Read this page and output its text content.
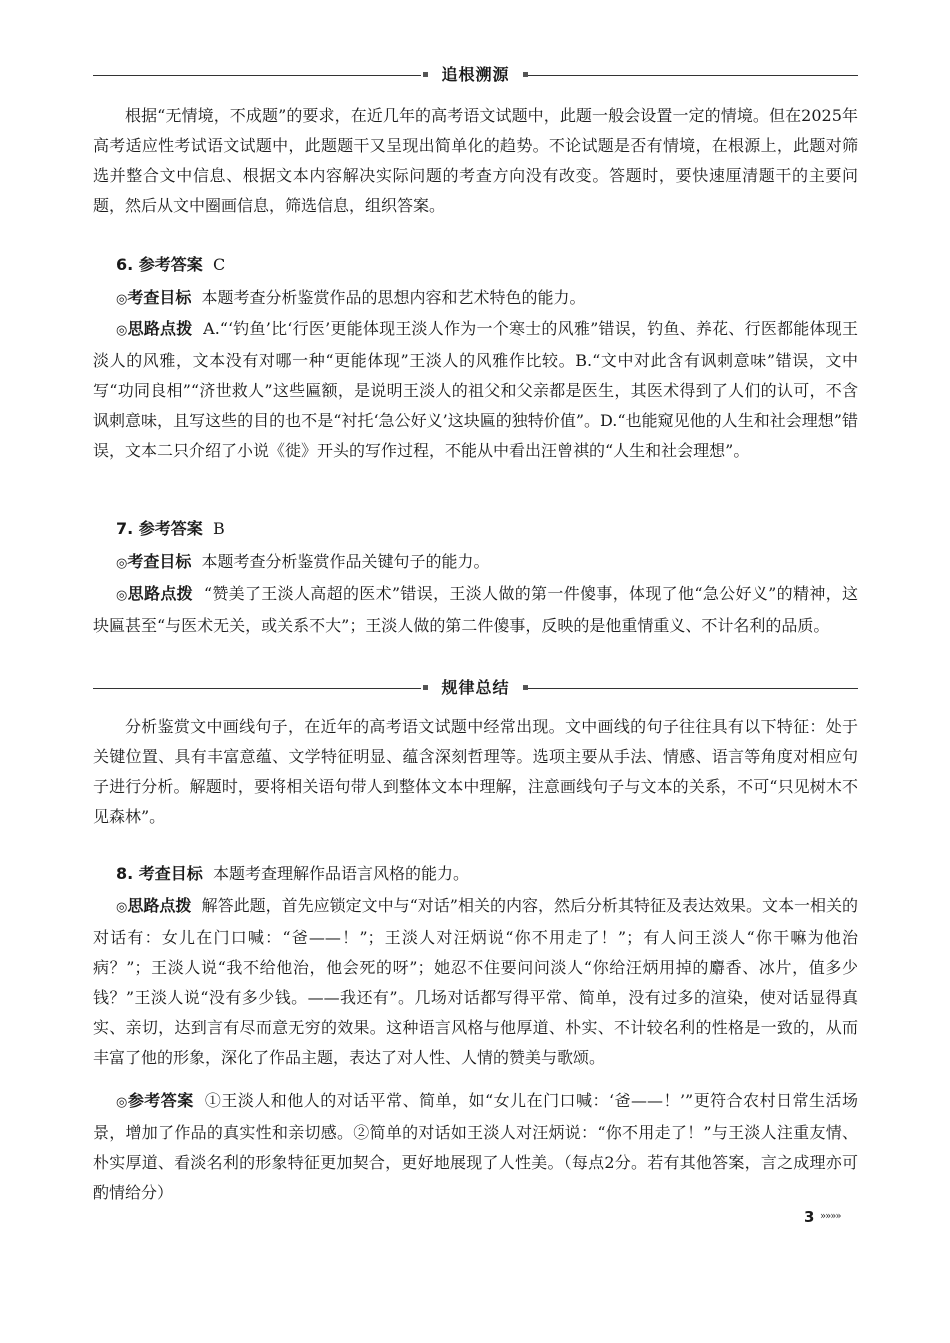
追根溯源
根据“无情境，不成题”的要求，在近几年的高考语文试题中，此题一般会设置一定的情境。但在2025年高考适应性考试语文试题中，此题题干又呈现出简单化的趋势。不论试题是否有情境，在根源上，此题对筛选并整合文中信息、根据文本内容解决实际问题的考查方向没有改变。答题时，要快速厘清题干的主要问题，然后从文中圈画信息，筛选信息，组织答案。
6. 参考答案 C
◎考查目标 本题考查分析鉴赏作品的思想内容和艺术特色的能力。
◎思路点拨 A.“‘钓鱼’比‘行医’更能体现王淡人作为一个寒士的风雅”错误，钓鱼、养花、行医都能体现王淡人的风雅，文本没有对哪一种“更能体现”王淡人的风雅作比较。B.“文中对此含有讽刺意味”错误，文中写“功同良相”“济世救人”这些匾额，是说明王淡人的祖父和父亲都是医生，其医术得到了人们的认可，不含讽刺意味，且写这些的目的也不是“衬托‘急公好义’这块匾的独特价值”。D.“也能窥见他的人生和社会理想”错误，文本二只介绍了小说《徙》开头的写作过程，不能从中看出汪曾祺的“人生和社会理想”。
7. 参考答案 B
◎考查目标 本题考查分析鉴赏作品关键句子的能力。
◎思路点拨 “赞美了王淡人高超的医术”错误，王淡人做的第一件傻事，体现了他“急公好义”的精神，这块匾甚至“与医术无关，或关系不大”；王淡人做的第二件傻事，反映的是他重情重义、不计名利的品质。
规律总结
分析鉴赏文中画线句子，在近年的高考语文试题中经常出现。文中画线的句子往往具有以下特征：处于关键位置、具有丰富意蕴、文学特征明显、蕴含深刻哲理等。选项主要从手法、情感、语言等角度对相应句子进行分析。解题时，要将相关语句带人到整体文本中理解，注意画线句子与文本的关系，不可“只见树木不见森林”。
8. 考查目标 本题考查理解作品语言风格的能力。
◎思路点拨 解答此题，首先应锁定文中与“对话”相关的内容，然后分析其特征及表达效果。文本一相关的对话有：女儿在门口喊：“爸——！”；王淡人对汪炳说“你不用走了！”；有人问王淡人“你干嘛为他治病？”；王淡人说“我不给他治，他会死的呀”；她忍不住要问问淡人“你给汪炳用掉的麝香、冰片，值多少钱？”王淡人说“没有多少钱。——我还有”。几场对话都写得平常、简单，没有过多的渲染，使对话显得真实、亲切，达到言有尽而意无穷的效果。这种语言风格与他厚道、朴实、不计较名利的性格是一致的，从而丰富了他的形象，深化了作品主题，表达了对人性、人情的赞美与歌颂。
◎参考答案 ①王淡人和他人的对话平常、简单，如“女儿在门口喊：‘爸——！’”更符合农村日常生活场景，增加了作品的真实性和亲切感。②简单的对话如王淡人对汪炳说：“你不用走了！”与王淡人注重友情、朴实厚道、看淡名利的形象特征更加契合，更好地展现了人性美。（每点2分。若有其他答案，言之成理亦可酌情给分）
3 »»»»
